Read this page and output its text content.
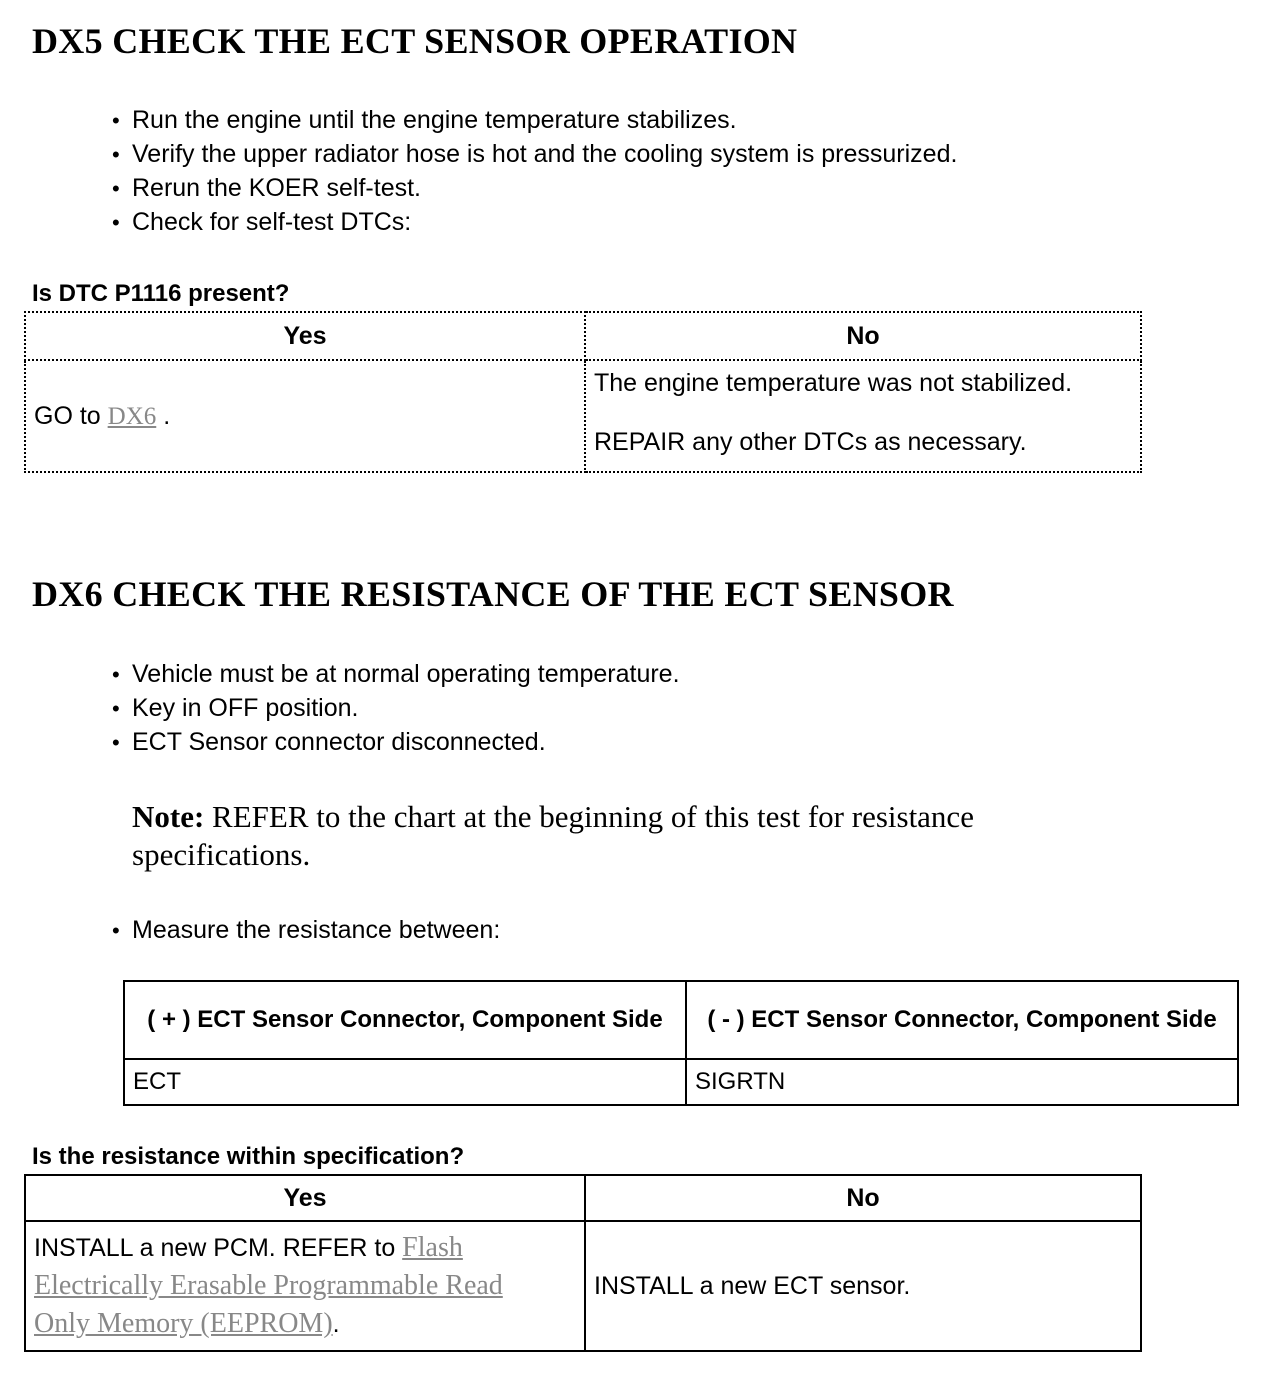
DX5 CHECK THE ECT SENSOR OPERATION
• Run the engine until the engine temperature stabilizes.
• Verify the upper radiator hose is hot and the cooling system is pressurized.
• Rerun the KOER self-test.
• Check for self-test DTCs:

Is DTC P1116 present?

Yes	No
GO to DX6 .	The engine temperature was not stabilized.
REPAIR any other DTCs as necessary.
DX6 CHECK THE RESISTANCE OF THE ECT SENSOR
• Vehicle must be at normal operating temperature.
• Key in OFF position.
• ECT Sensor connector disconnected.

Note: REFER to the chart at the beginning of this test for resistance specifications.

• Measure the resistance between:
( + ) ECT Sensor Connector, Component Side	( - ) ECT Sensor Connector, Component Side
ECT	SIGRTN

Is the resistance within specification?

Yes	No
INSTALL a new PCM. REFER to Flash Electrically Erasable Programmable Read Only Memory (EEPROM).	INSTALL a new ECT sensor.
